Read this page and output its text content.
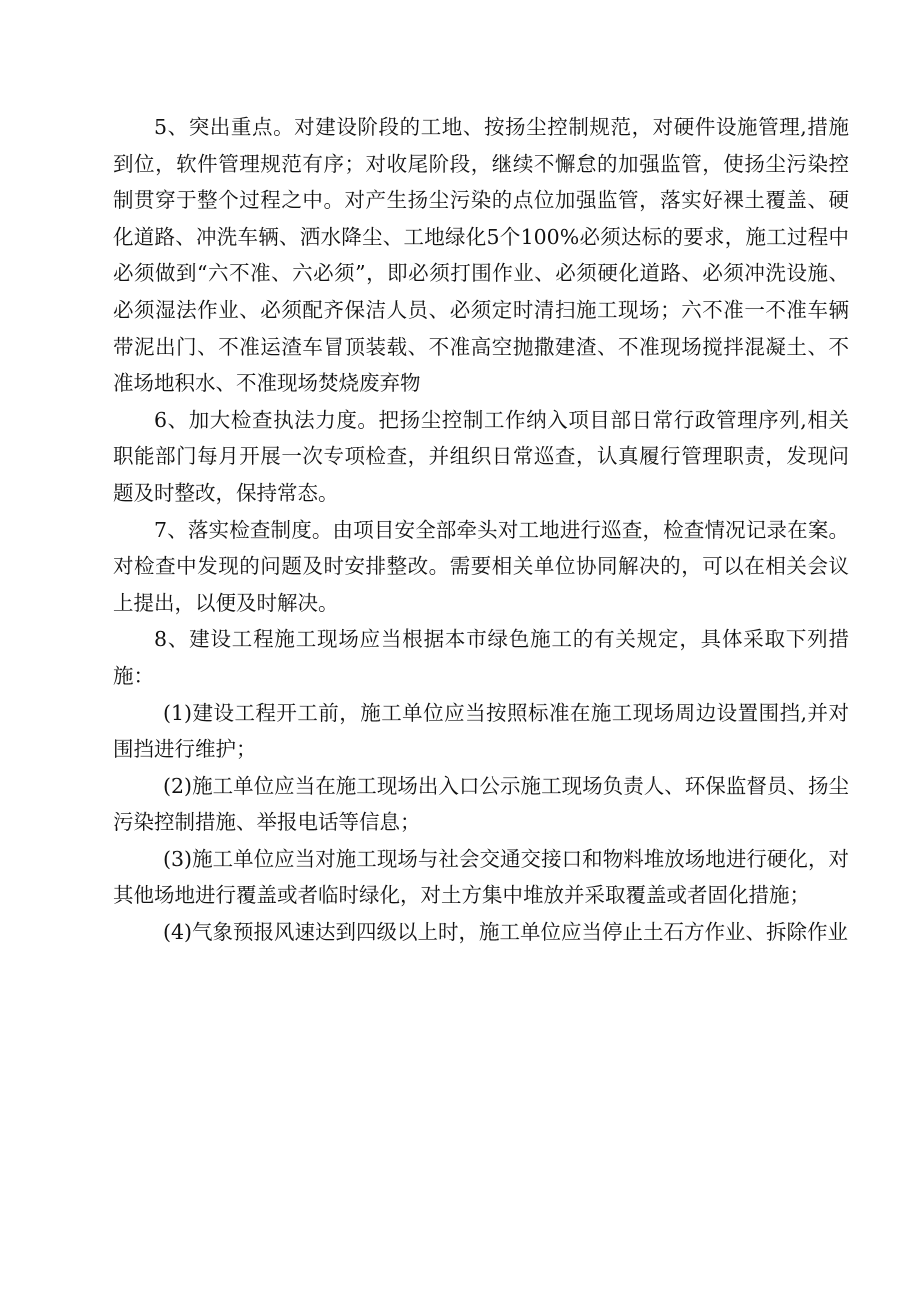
5、突出重点。对建设阶段的工地、按扬尘控制规范，对硬件设施管理,措施到位，软件管理规范有序；对收尾阶段，继续不懈怠的加强监管，使扬尘污染控制贯穿于整个过程之中。对产生扬尘污染的点位加强监管，落实好裸土覆盖、硬化道路、冲洗车辆、洒水降尘、工地绿化5个100%必须达标的要求，施工过程中必须做到“六不准、六必须”，即必须打围作业、必须硬化道路、必须冲洗设施、必须湿法作业、必须配齐保洁人员、必须定时清扫施工现场；六不准一不准车辆带泥出门、不准运渣车冒顶装载、不准高空抛撒建渣、不准现场搅拌混凝土、不准场地积水、不准现场焚烧废弃物

6、加大检查执法力度。把扬尘控制工作纳入项目部日常行政管理序列,相关职能部门每月开展一次专项检查，并组织日常巡查，认真履行管理职责，发现问题及时整改，保持常态。

7、落实检查制度。由项目安全部牵头对工地进行巡查，检查情况记录在案。对检查中发现的问题及时安排整改。需要相关单位协同解决的，可以在相关会议上提出，以便及时解决。

8、建设工程施工现场应当根据本市绿色施工的有关规定，具体采取下列措施：

(1)建设工程开工前，施工单位应当按照标准在施工现场周边设置围挡,并对围挡进行维护；

(2)施工单位应当在施工现场出入口公示施工现场负责人、环保监督员、扬尘污染控制措施、举报电话等信息；

(3)施工单位应当对施工现场与社会交通交接口和物料堆放场地进行硬化，对其他场地进行覆盖或者临时绿化，对土方集中堆放并采取覆盖或者固化措施；

(4)气象预报风速达到四级以上时，施工单位应当停止土石方作业、拆除作业
